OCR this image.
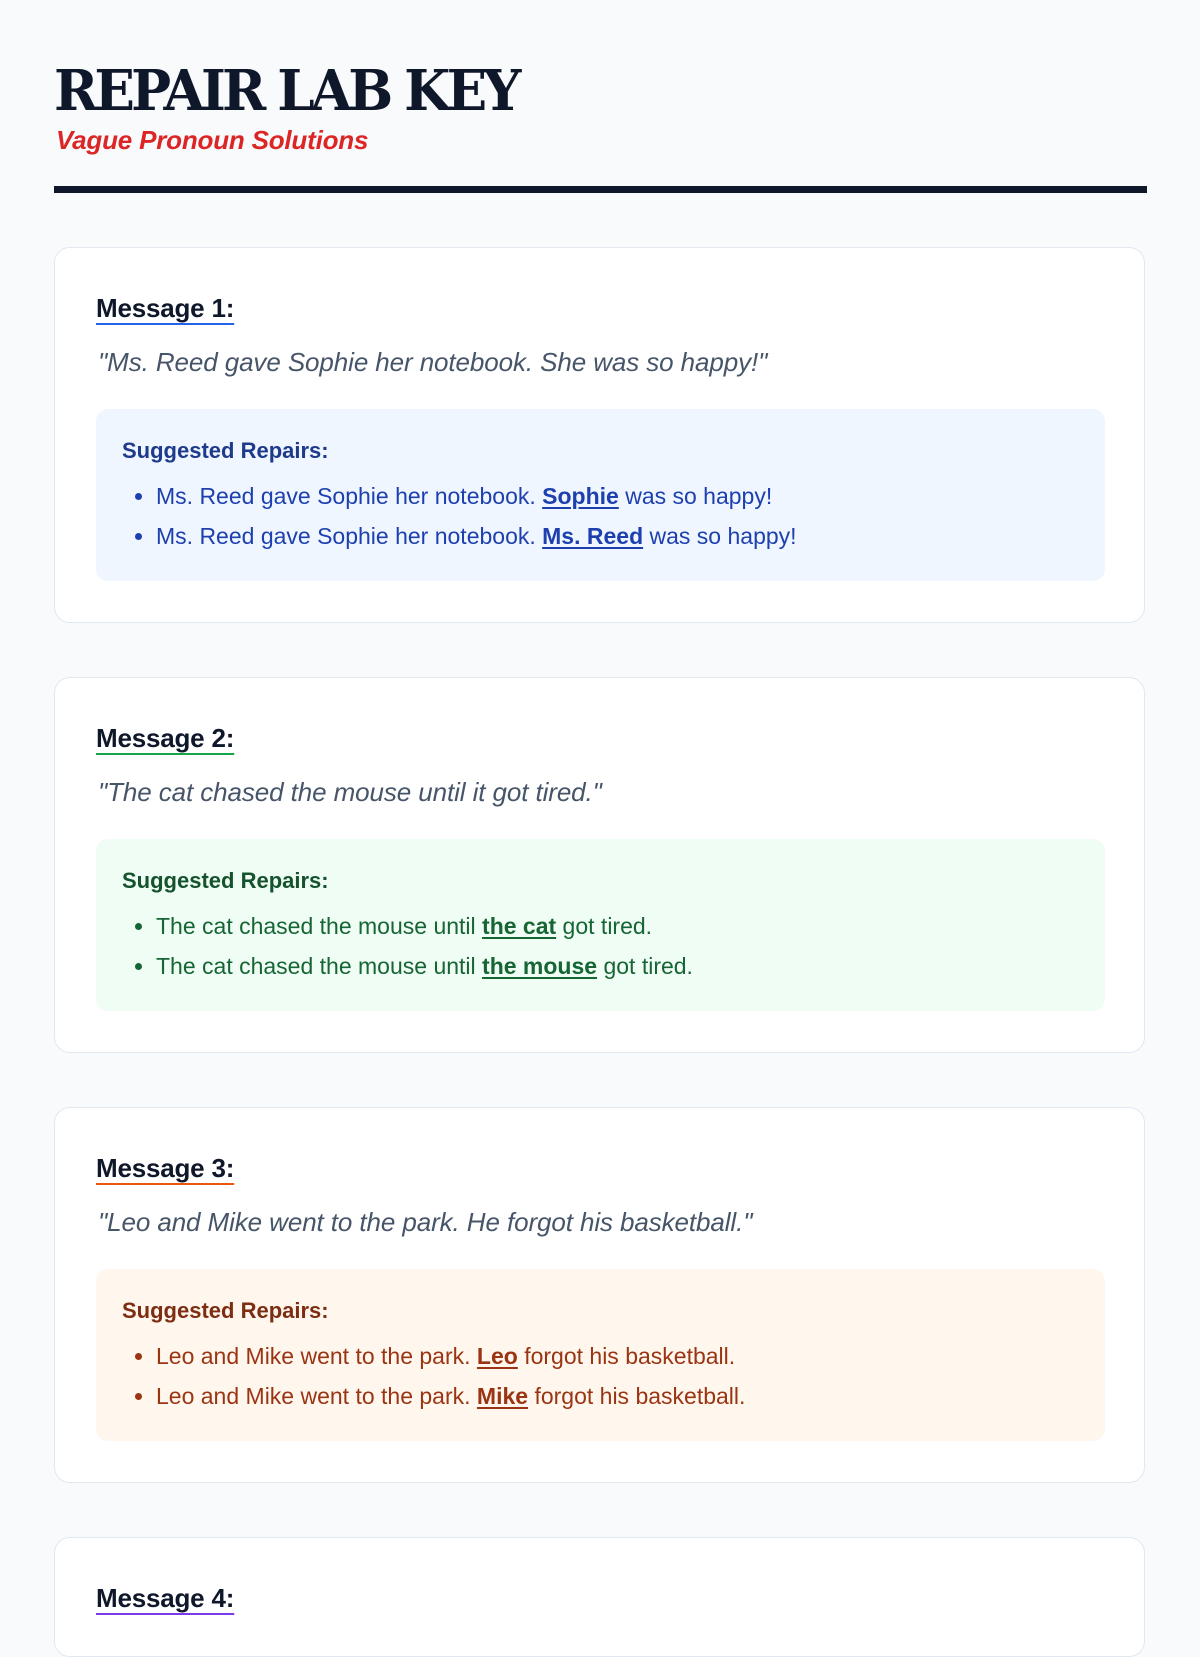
REPAIR LAB KEY
Vague Pronoun Solutions
Message 1:

"Ms. Reed gave Sophie her notebook. She was so happy!"

Suggested Repairs:
• Ms. Reed gave Sophie her notebook. Sophie was so happy!
• Ms. Reed gave Sophie her notebook. Ms. Reed was so happy!
Message 2:

"The cat chased the mouse until it got tired."

Suggested Repairs:
• The cat chased the mouse until the cat got tired.
• The cat chased the mouse until the mouse got tired.
Message 3:

"Leo and Mike went to the park. He forgot his basketball."

Suggested Repairs:
• Leo and Mike went to the park. Leo forgot his basketball.
• Leo and Mike went to the park. Mike forgot his basketball.
Message 4:
